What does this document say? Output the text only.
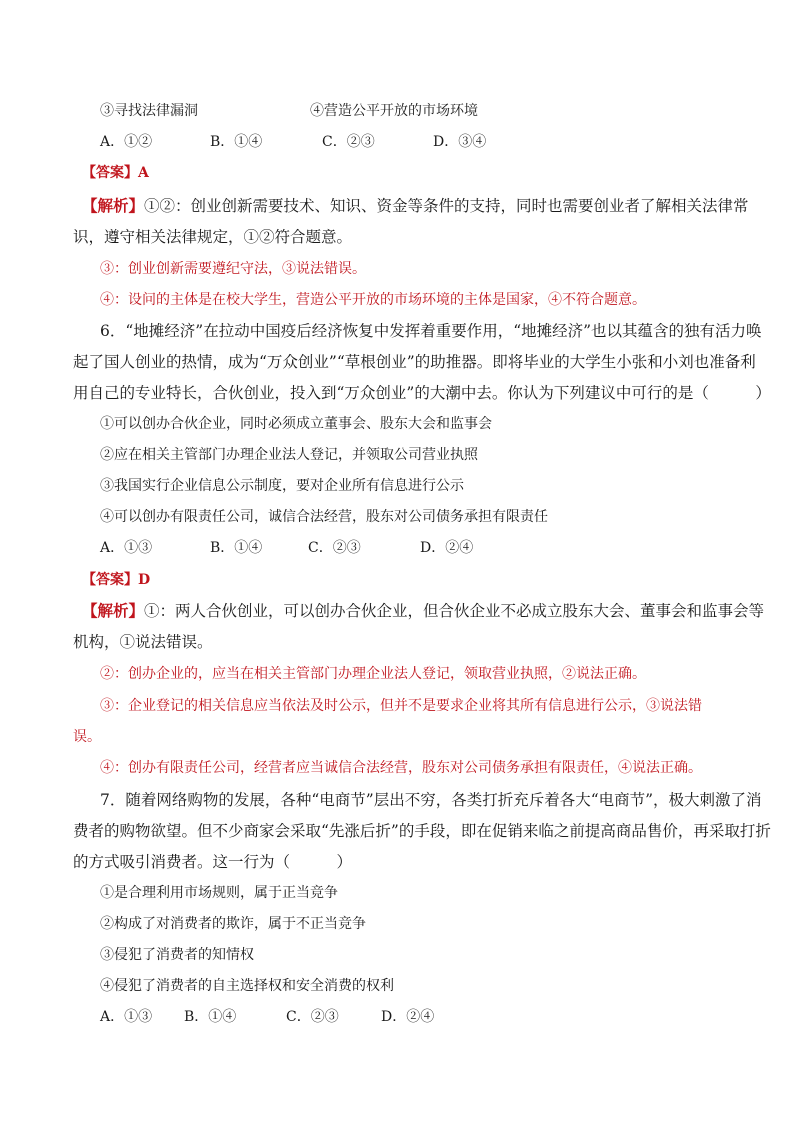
③寻找法律漏洞	④营造公平开放的市场环境
A．①②	B．①④	C．②③	D．③④
【答案】A
【解析】①②：创业创新需要技术、知识、资金等条件的支持，同时也需要创业者了解相关法律常
识，遵守相关法律规定，①②符合题意。
③：创业创新需要遵纪守法，③说法错误。
④：设问的主体是在校大学生，营造公平开放的市场环境的主体是国家，④不符合题意。
6．“地摊经济”在拉动中国疫后经济恢复中发挥着重要作用，“地摊经济”也以其蕴含的独有活力唤
起了国人创业的热情，成为“万众创业”“草根创业”的助推器。即将毕业的大学生小张和小刘也准备利
用自己的专业特长，合伙创业，投入到“万众创业”的大潮中去。你认为下列建议中可行的是（　　　）
①可以创办合伙企业，同时必须成立董事会、股东大会和监事会
②应在相关主管部门办理企业法人登记，并领取公司营业执照
③我国实行企业信息公示制度，要对企业所有信息进行公示
④可以创办有限责任公司，诚信合法经营，股东对公司债务承担有限责任
A．①③	B．①④	C．②③	D．②④
【答案】D
【解析】①：两人合伙创业，可以创办合伙企业，但合伙企业不必成立股东大会、董事会和监事会等
机构，①说法错误。
②：创办企业的，应当在相关主管部门办理企业法人登记，领取营业执照，②说法正确。
③：企业登记的相关信息应当依法及时公示，但并不是要求企业将其所有信息进行公示，③说法错
误。
④：创办有限责任公司，经营者应当诚信合法经营，股东对公司债务承担有限责任，④说法正确。
7．随着网络购物的发展，各种“电商节”层出不穷，各类打折充斥着各大“电商节”，极大刺激了消
费者的购物欲望。但不少商家会采取“先涨后折”的手段，即在促销来临之前提高商品售价，再采取打折
的方式吸引消费者。这一行为（　　　）
①是合理利用市场规则，属于正当竞争
②构成了对消费者的欺诈，属于不正当竞争
③侵犯了消费者的知情权
④侵犯了消费者的自主选择权和安全消费的权利
A．①③ B．①④	C．②③	D．②④
